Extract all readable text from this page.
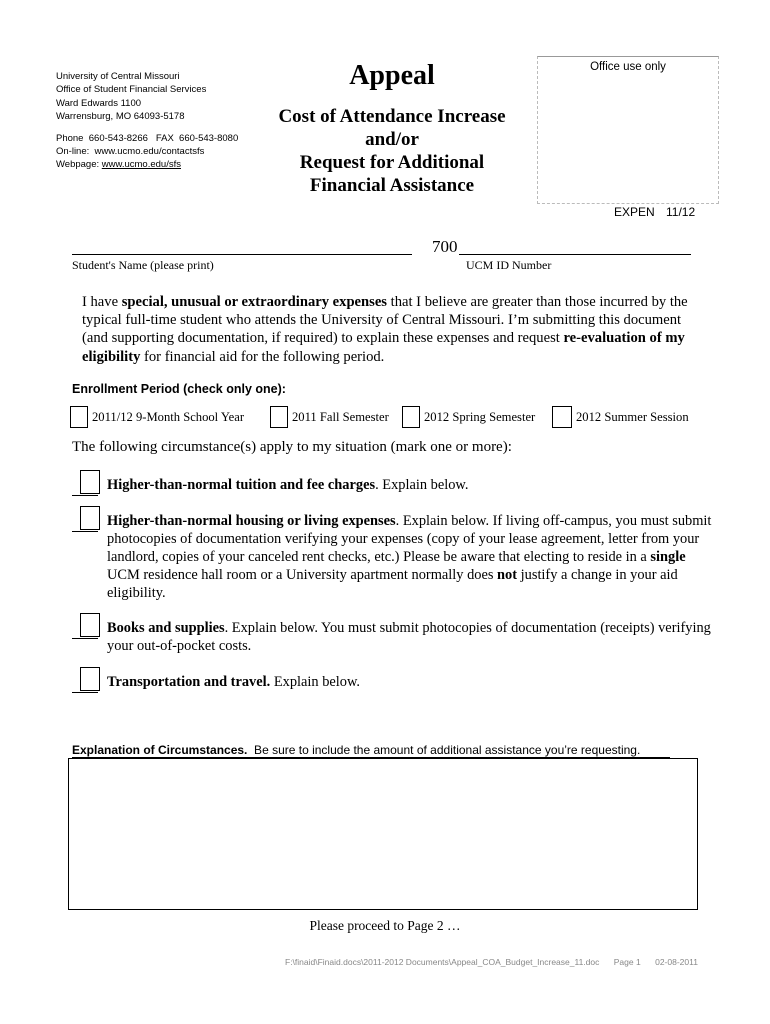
University of Central Missouri
Office of Student Financial Services
Ward Edwards 1100
Warrensburg, MO 64093-5178
Phone  660-543-8266   FAX  660-543-8080
On-line:  www.ucmo.edu/contactsfs
Webpage: www.ucmo.edu/sfs
Appeal
Cost of Attendance Increase
and/or
Request for Additional
Financial Assistance
Office use only
EXPEN 11/12
Student's Name (please print)
700
UCM ID Number
I have special, unusual or extraordinary expenses that I believe are greater than those incurred by the typical full-time student who attends the University of Central Missouri. I’m submitting this document (and supporting documentation, if required) to explain these expenses and request re-evaluation of my eligibility for financial aid for the following period.
Enrollment Period (check only one):
2011/12 9-Month School Year	2011 Fall Semester	2012 Spring Semester	2012 Summer Session
The following circumstance(s) apply to my situation (mark one or more):
Higher-than-normal tuition and fee charges. Explain below.
Higher-than-normal housing or living expenses. Explain below. If living off-campus, you must submit photocopies of documentation verifying your expenses (copy of your lease agreement, letter from your landlord, copies of your canceled rent checks, etc.) Please be aware that electing to reside in a single UCM residence hall room or a University apartment normally does not justify a change in your aid eligibility.
Books and supplies. Explain below. You must submit photocopies of documentation (receipts) verifying your out-of-pocket costs.
Transportation and travel. Explain below.
Explanation of Circumstances.  Be sure to include the amount of additional assistance you’re requesting.
Please proceed to Page 2 …
F:\finaid\Finaid.docs\2011-2012 Documents\Appeal_COA_Budget_Increase_11.doc Page 1 02-08-2011
